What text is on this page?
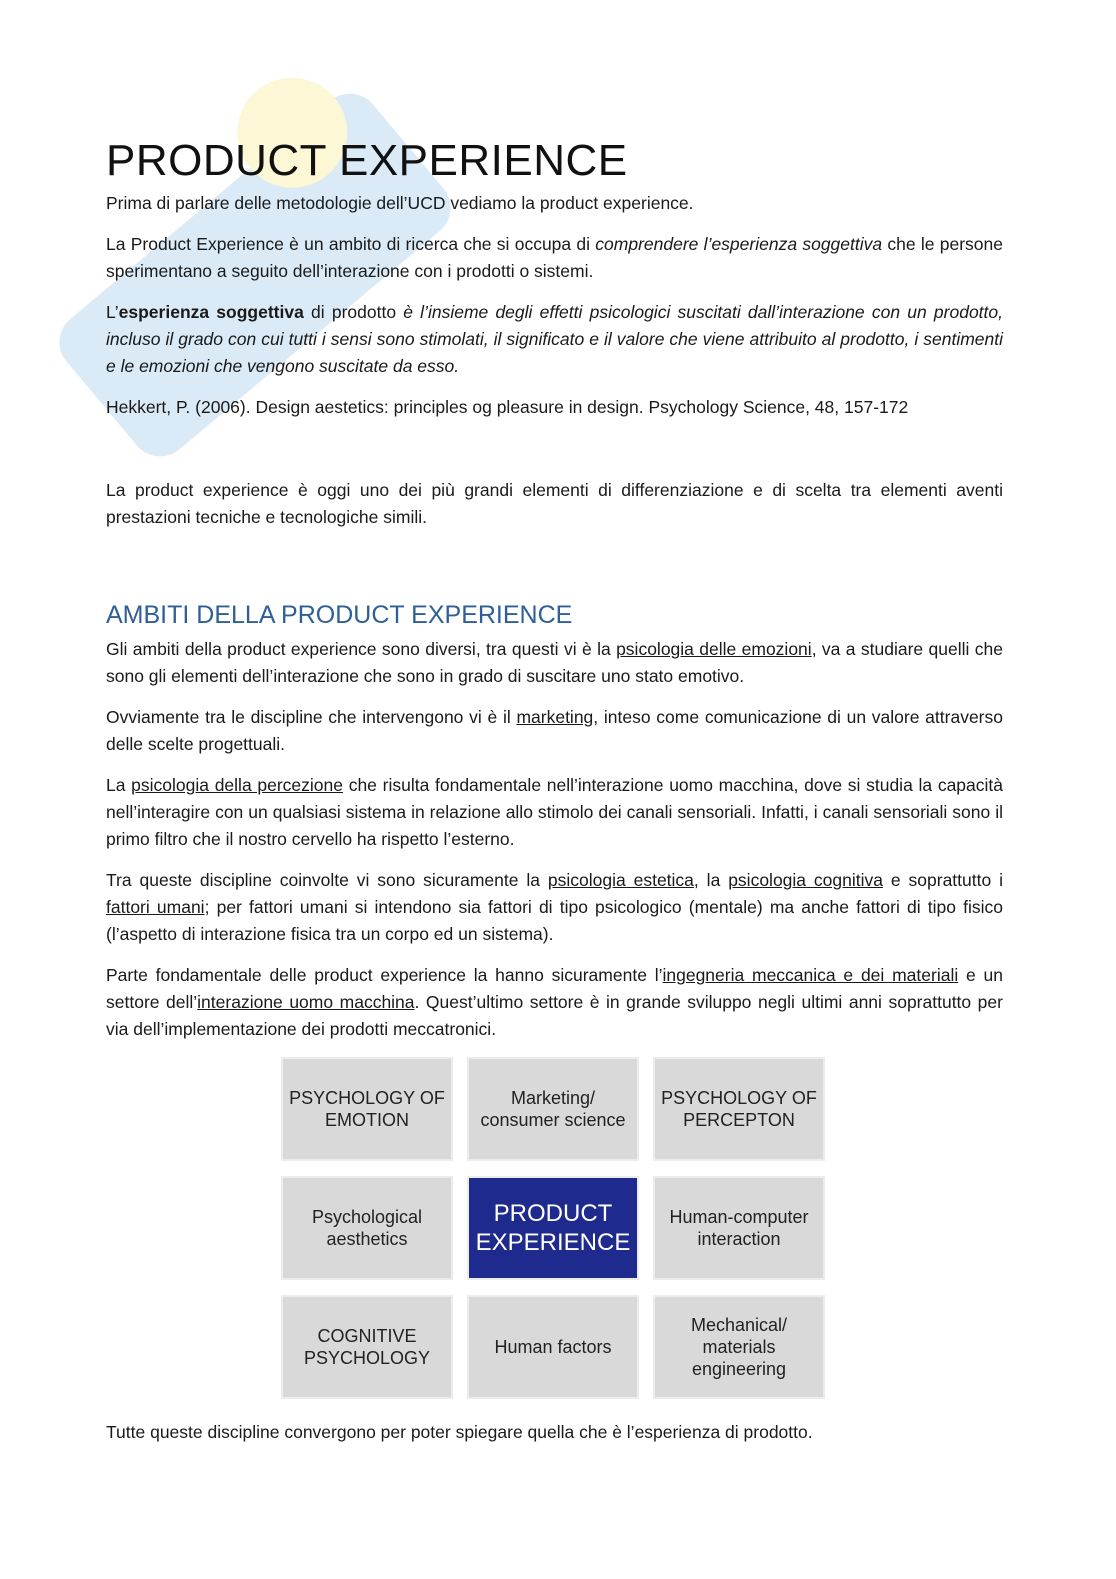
PRODUCT EXPERIENCE

Prima di parlare delle metodologie dell’UCD vediamo la product experience.

La Product Experience è un ambito di ricerca che si occupa di comprendere l’esperienza soggettiva che le persone sperimentano a seguito dell’interazione con i prodotti o sistemi.

L’esperienza soggettiva di prodotto è l’insieme degli effetti psicologici suscitati dall’interazione con un prodotto, incluso il grado con cui tutti i sensi sono stimolati, il significato e il valore che viene attribuito al prodotto, i sentimenti e le emozioni che vengono suscitate da esso.

Hekkert, P. (2006). Design aestetics: principles og pleasure in design. Psychology Science, 48, 157-172

La product experience è oggi uno dei più grandi elementi di differenziazione e di scelta tra elementi aventi prestazioni tecniche e tecnologiche simili.

AMBITI DELLA PRODUCT EXPERIENCE

Gli ambiti della product experience sono diversi, tra questi vi è la psicologia delle emozioni, va a studiare quelli che sono gli elementi dell’interazione che sono in grado di suscitare uno stato emotivo.

Ovviamente tra le discipline che intervengono vi è il marketing, inteso come comunicazione di un valore attraverso delle scelte progettuali.

La psicologia della percezione che risulta fondamentale nell’interazione uomo macchina, dove si studia la capacità nell’interagire con un qualsiasi sistema in relazione allo stimolo dei canali sensoriali. Infatti, i canali sensoriali sono il primo filtro che il nostro cervello ha rispetto l’esterno.

Tra queste discipline coinvolte vi sono sicuramente la psicologia estetica, la psicologia cognitiva e soprattutto i fattori umani; per fattori umani si intendono sia fattori di tipo psicologico (mentale) ma anche fattori di tipo fisico (l’aspetto di interazione fisica tra un corpo ed un sistema).

Parte fondamentale delle product experience la hanno sicuramente l’ingegneria meccanica e dei materiali e un settore dell’interazione uomo macchina. Quest’ultimo settore è in grande sviluppo negli ultimi anni soprattutto per via dell’implementazione dei prodotti meccatronici.

PSYCHOLOGY OF EMOTION
Marketing/ consumer science
PSYCHOLOGY OF PERCEPTON
Psychological aesthetics
PRODUCT EXPERIENCE
Human-computer interaction
COGNITIVE PSYCHOLOGY
Human factors
Mechanical/ materials engineering

Tutte queste discipline convergono per poter spiegare quella che è l’esperienza di prodotto.
